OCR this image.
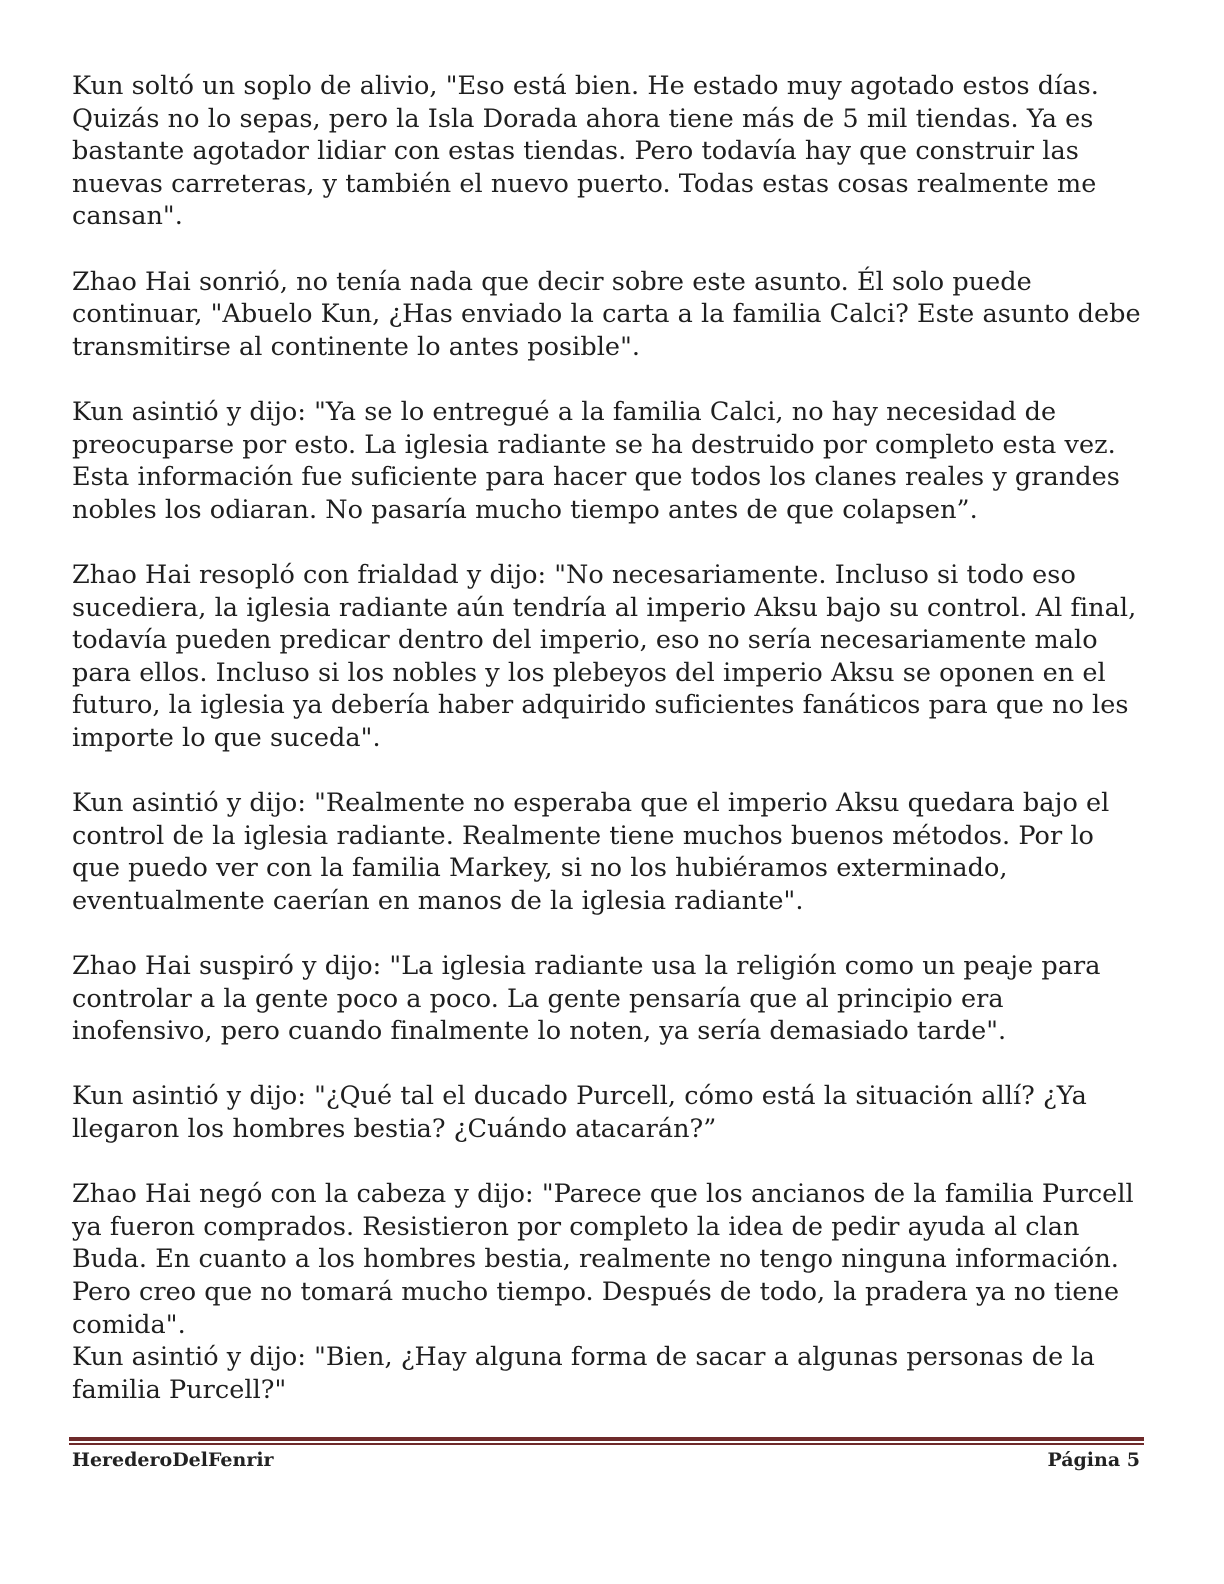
Kun soltó un soplo de alivio, "Eso está bien. He estado muy agotado estos días. Quizás no lo sepas, pero la Isla Dorada ahora tiene más de 5 mil tiendas. Ya es bastante agotador lidiar con estas tiendas. Pero todavía hay que construir las nuevas carreteras, y también el nuevo puerto. Todas estas cosas realmente me cansan".

Zhao Hai sonrió, no tenía nada que decir sobre este asunto. Él solo puede continuar, "Abuelo Kun, ¿Has enviado la carta a la familia Calci? Este asunto debe transmitirse al continente lo antes posible".

Kun asintió y dijo: "Ya se lo entregué a la familia Calci, no hay necesidad de preocuparse por esto. La iglesia radiante se ha destruido por completo esta vez. Esta información fue suficiente para hacer que todos los clanes reales y grandes nobles los odiaran. No pasaría mucho tiempo antes de que colapsen”.

Zhao Hai resopló con frialdad y dijo: "No necesariamente. Incluso si todo eso sucediera, la iglesia radiante aún tendría al imperio Aksu bajo su control. Al final, todavía pueden predicar dentro del imperio, eso no sería necesariamente malo para ellos. Incluso si los nobles y los plebeyos del imperio Aksu se oponen en el futuro, la iglesia ya debería haber adquirido suficientes fanáticos para que no les importe lo que suceda".

Kun asintió y dijo: "Realmente no esperaba que el imperio Aksu quedara bajo el control de la iglesia radiante. Realmente tiene muchos buenos métodos. Por lo que puedo ver con la familia Markey, si no los hubiéramos exterminado, eventualmente caerían en manos de la iglesia radiante".

Zhao Hai suspiró y dijo: "La iglesia radiante usa la religión como un peaje para controlar a la gente poco a poco. La gente pensaría que al principio era inofensivo, pero cuando finalmente lo noten, ya sería demasiado tarde".

Kun asintió y dijo: "¿Qué tal el ducado Purcell, cómo está la situación allí? ¿Ya llegaron los hombres bestia? ¿Cuándo atacarán?”

Zhao Hai negó con la cabeza y dijo: "Parece que los ancianos de la familia Purcell ya fueron comprados. Resistieron por completo la idea de pedir ayuda al clan Buda. En cuanto a los hombres bestia, realmente no tengo ninguna información. Pero creo que no tomará mucho tiempo. Después de todo, la pradera ya no tiene comida".

Kun asintió y dijo: "Bien, ¿Hay alguna forma de sacar a algunas personas de la familia Purcell?"

HerederoDelFenrir	Página 5
